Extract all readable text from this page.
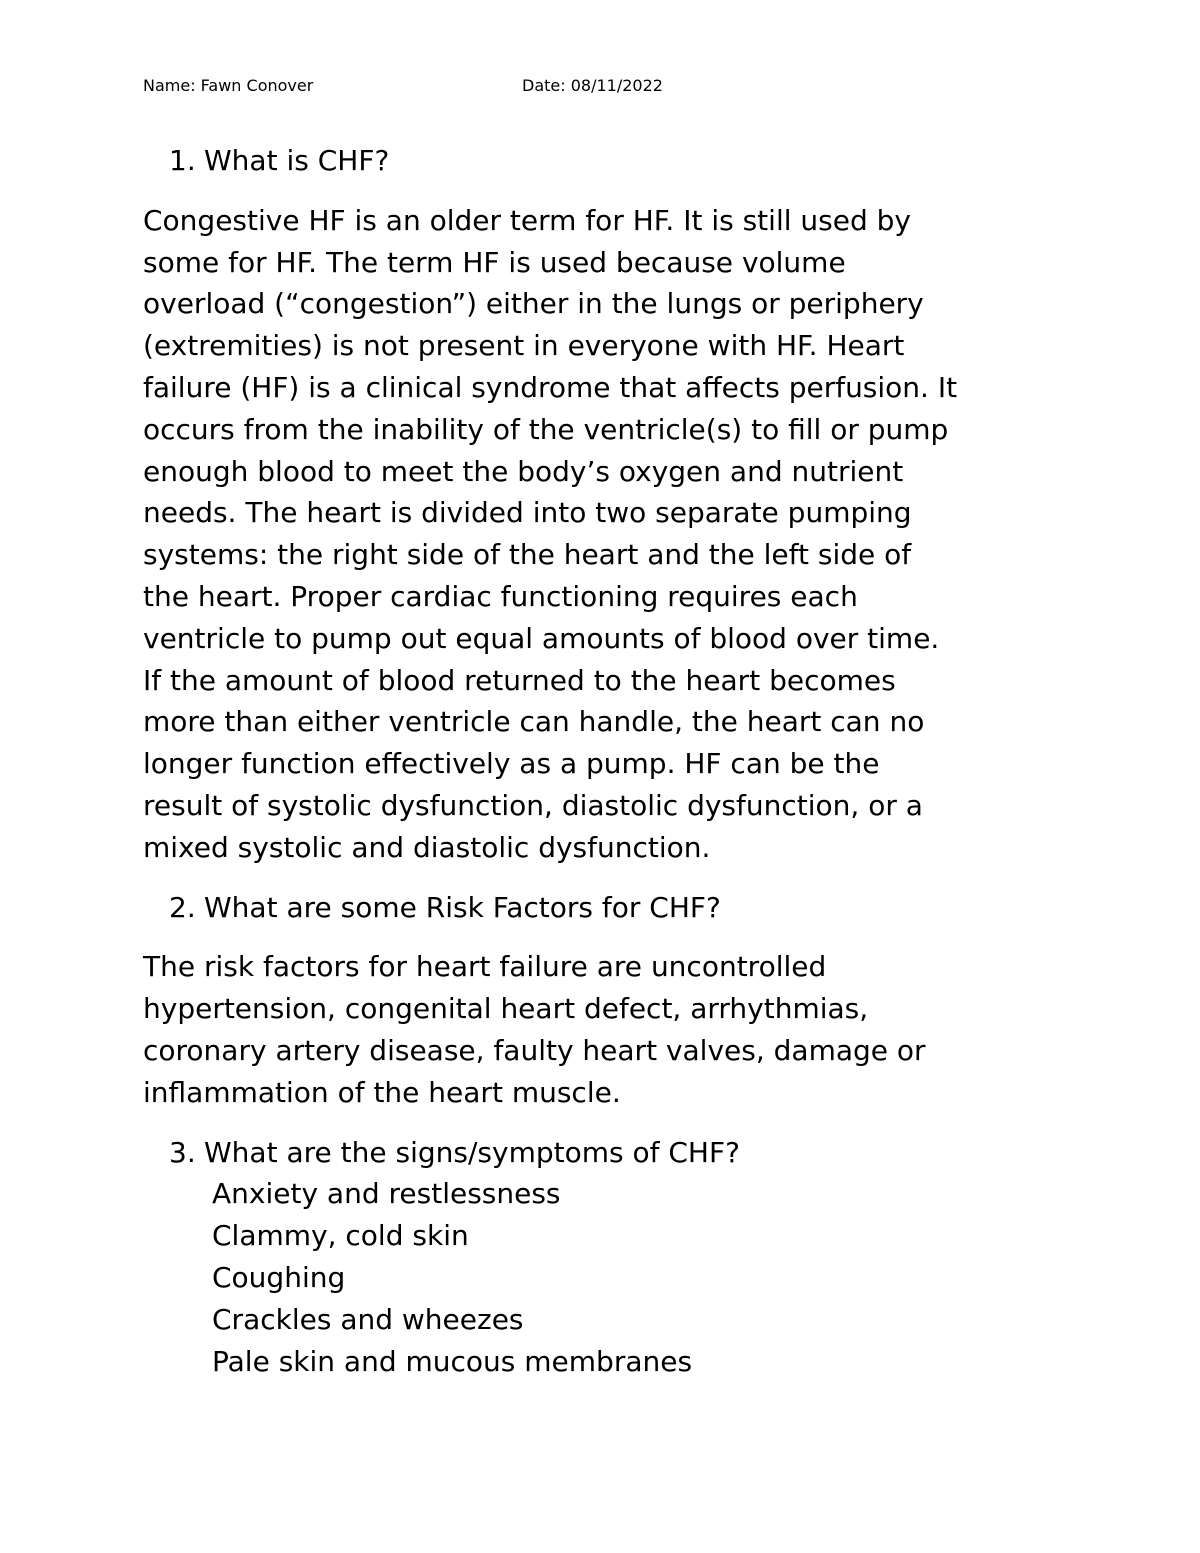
Name: Fawn Conover	Date: 08/11/2022

1. What is CHF?

Congestive HF is an older term for HF. It is still used by
some for HF. The term HF is used because volume
overload (“congestion”) either in the lungs or periphery
(extremities) is not present in everyone with HF. Heart
failure (HF) is a clinical syndrome that affects perfusion. It
occurs from the inability of the ventricle(s) to fill or pump
enough blood to meet the body’s oxygen and nutrient
needs. The heart is divided into two separate pumping
systems: the right side of the heart and the left side of
the heart. Proper cardiac functioning requires each
ventricle to pump out equal amounts of blood over time.
If the amount of blood returned to the heart becomes
more than either ventricle can handle, the heart can no
longer function effectively as a pump. HF can be the
result of systolic dysfunction, diastolic dysfunction, or a
mixed systolic and diastolic dysfunction.

2. What are some Risk Factors for CHF?

The risk factors for heart failure are uncontrolled
hypertension, congenital heart defect, arrhythmias,
coronary artery disease, faulty heart valves, damage or
inflammation of the heart muscle.

3. What are the signs/symptoms of CHF?

Anxiety and restlessness
Clammy, cold skin
Coughing
Crackles and wheezes
Pale skin and mucous membranes
